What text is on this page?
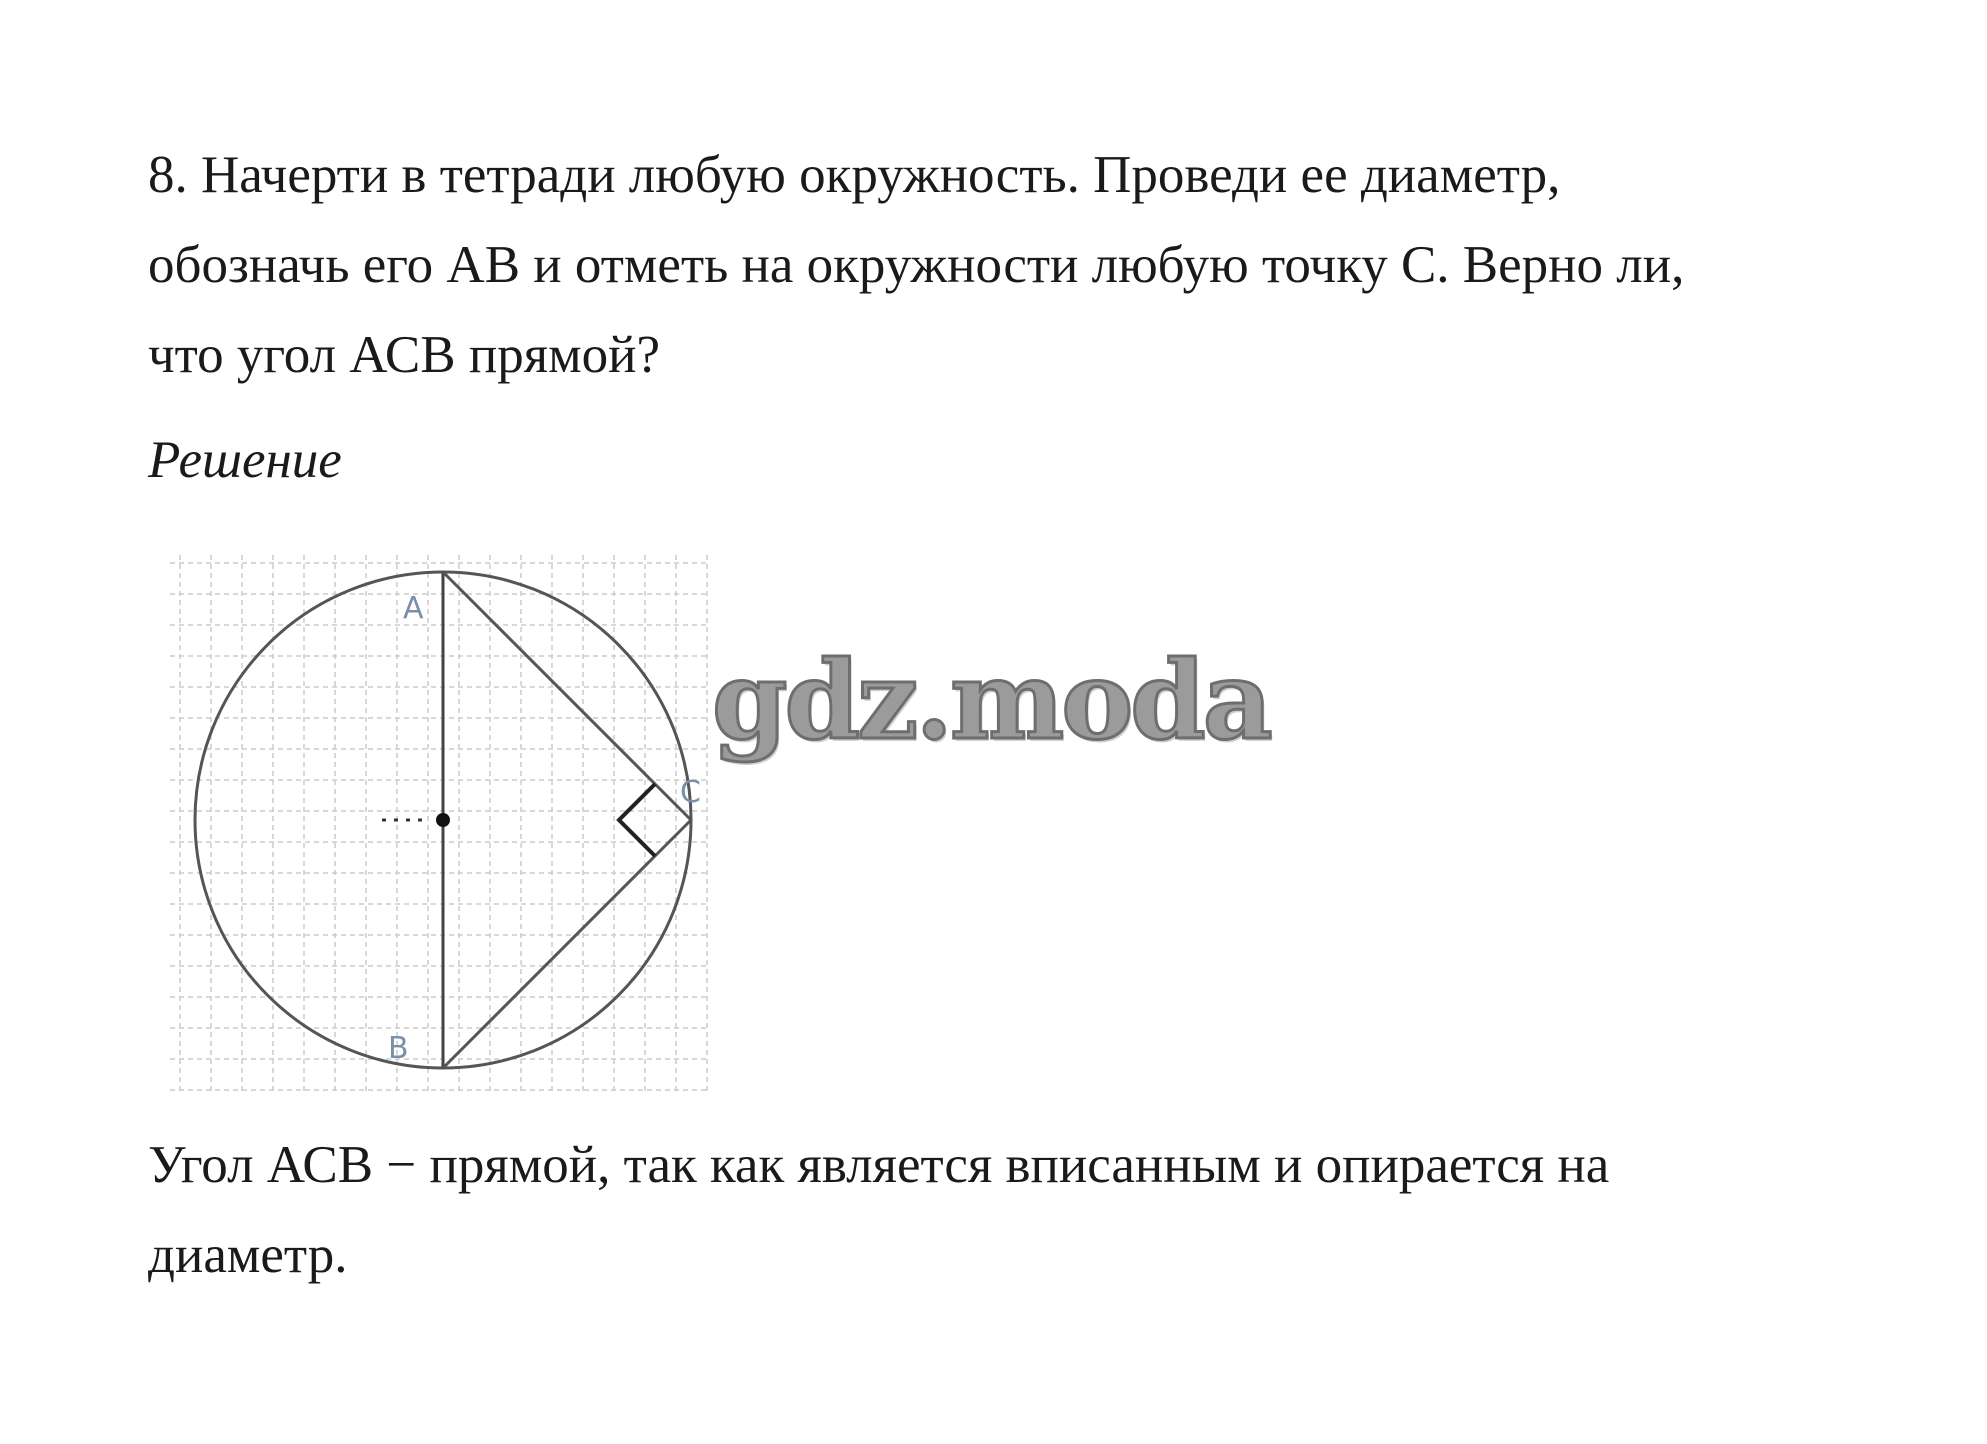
8. Начерти в тетради любую окружность. Проведи ее диаметр,
обозначь его АВ и отметь на окружности любую точку С. Верно ли,
что угол АСВ прямой?
Решение
A
B
C
gdz.moda
Угол АСВ − прямой, так как является вписанным и опирается на
диаметр.
